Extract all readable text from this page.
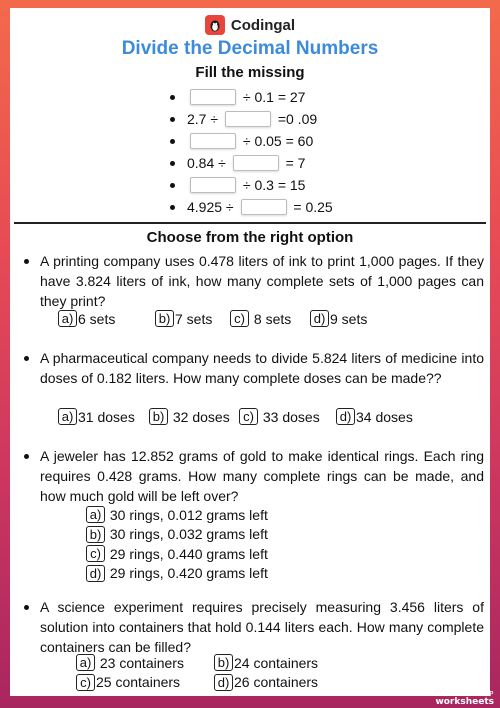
Codingal
Divide the Decimal Numbers
Fill the missing
÷ 0.1 = 27
2.7 ÷	=0 .09
÷ 0.05 = 60
0.84 ÷	= 7
÷ 0.3 = 15
4.925 ÷	= 0.25
Choose from the right option
A printing company uses 0.478 liters of ink to print 1,000 pages. If they have 3.824 liters of ink, how many complete sets of 1,000 pages can they print?
a) 6 sets	b) 7 sets	c) 8 sets d) 9 sets
A pharmaceutical company needs to divide 5.824 liters of medicine into doses of 0.182 liters. How many complete doses can be made??
a) 31 doses b) 32 doses	c) 33 doses d) 34 doses
A jeweler has 12.852 grams of gold to make identical rings. Each ring requires 0.428 grams. How many complete rings can be made, and how much gold will be left over?
a) 30 rings, 0.012 grams left
b) 30 rings, 0.032 grams left
c) 29 rings, 0.440 grams left
d) 29 rings, 0.420 grams left
A science experiment requires precisely measuring 3.456 liters of solution into containers that hold 0.144 liters each. How many complete containers can be filled?
a) 23 containers
c) 25 containers
b) 24 containers
d) 26 containers
TOP
worksheets
